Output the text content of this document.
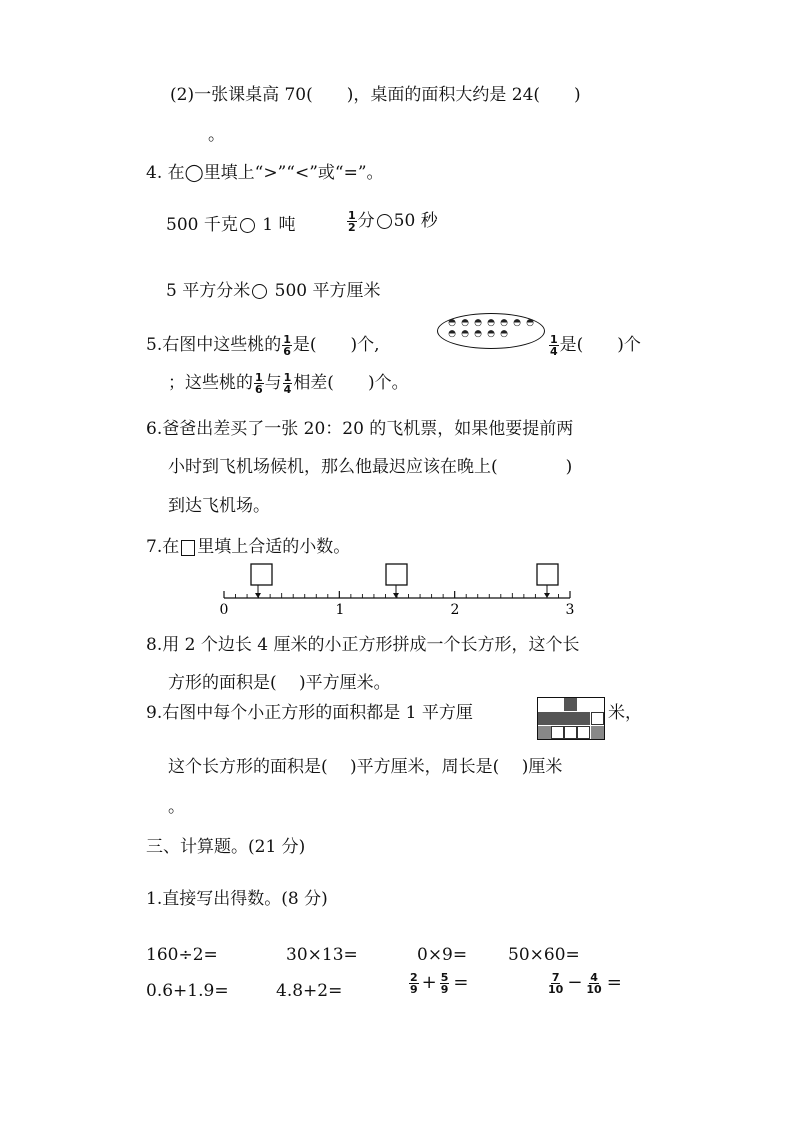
(2)一张课桌高 70(　　)，桌面的面积大约是 24(　　)
。
4. 在◯里填上“>”“<”或“=”。
500 千克 1 吨	$\frac{1}{2}$ 分 50 秒
5 平方分米 500 平方厘米
5.右图中这些桃的 $\frac{1}{6}$ 是(　　)个,
◓ ◓ ◓ ◓ ◓ ◓ ◓
◓ ◓ ◓ ◓ ◓	$\frac{1}{4}$ 是(　　)个
；这些桃的 $\frac{1}{6}$ 与 $\frac{1}{4}$ 相差(　　)个。
6.爸爸出差买了一张 20：20 的飞机票，如果他要提前两
小时到飞机场候机，那么他最迟应该在晚上(　　　　)
到达飞机场。
7.在 里填上合适的小数。
0	1	2	3
8.用 2 个边长 4 厘米的小正方形拼成一个长方形，这个长
方形的面积是(　 )平方厘米。
9.右图中每个小正方形的面积都是 1 平方厘	米，
这个长方形的面积是(　 )平方厘米，周长是(　 )厘米
。
三、计算题。(21 分)
1.直接写出得数。(8 分)
160÷2=	30×13=	0×9= 50×60=
0.6+1.9=	4.8+2=	$\frac{2}{9} + \frac{5}{9}$ =	$\frac{7}{10} - \frac{4}{10}$ =
